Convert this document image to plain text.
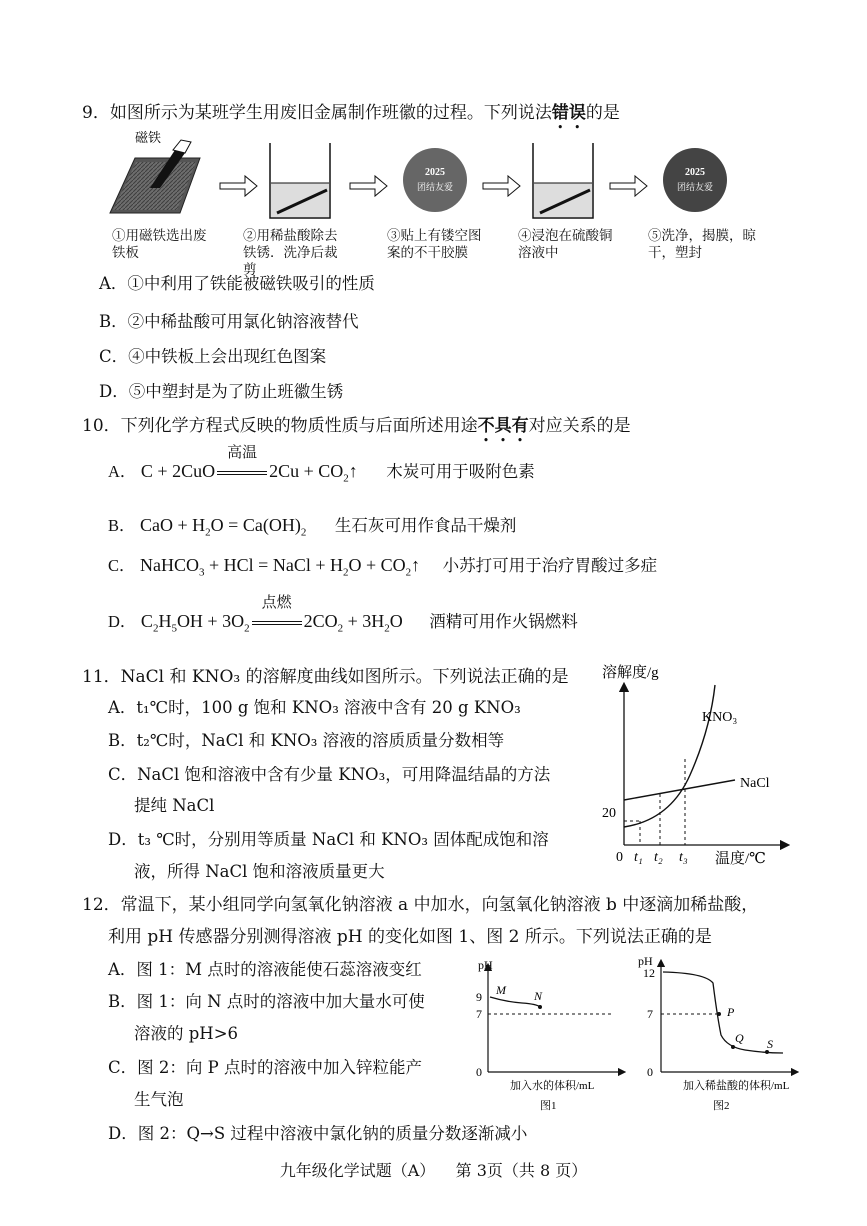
9．如图所示为某班学生用废旧金属制作班徽的过程。下列说法错误的是
磁铁
2025
团结友爱
2025
团结友爱
①用磁铁选出废铁板
②用稀盐酸除去铁锈．洗净后裁剪
③贴上有镂空图案的不干胶膜
④浸泡在硫酸铜溶液中
⑤洗净，揭膜，晾干，塑封
A．①中利用了铁能被磁铁吸引的性质
B．②中稀盐酸可用氯化钠溶液替代
C．④中铁板上会出现红色图案
D．⑤中塑封是为了防止班徽生锈
10．下列化学方程式反映的物质性质与后面所述用途不具有对应关系的是
A． C + 2CuO
高温
$2Cu + CO_2↑$ 木炭可用于吸附色素
B． CaO + $H_2O = Ca(OH)_2$ 生石灰可用作食品干燥剂
C． NaHCO$_3$ + HCl = NaCl + $H_2O$ + $CO_2↑$ 小苏打可用于治疗胃酸过多症
D． $C_2H_5OH + 3O_2$
点燃
$2CO_2 + 3H_2O$ 酒精可用作火锅燃料
11．NaCl 和 KNO₃ 的溶解度曲线如图所示。下列说法正确的是
A．t₁℃时，100 g 饱和 KNO₃ 溶液中含有 20 g KNO₃
B．t₂℃时，NaCl 和 KNO₃ 溶液的溶质质量分数相等
C．NaCl 饱和溶液中含有少量 KNO₃，可用降温结晶的方法
提纯 NaCl
D．t₃ ℃时，分别用等质量 NaCl 和 KNO₃ 固体配成饱和溶
液，所得 NaCl 饱和溶液质量更大
溶解度/g
KNO₃
NaCl
20
0 t₁ t₂ t₃ 温度/℃
12．常温下，某小组同学向氢氧化钠溶液 a 中加水，向氢氧化钠溶液 b 中逐滴加稀盐酸，
利用 pH 传感器分别测得溶液 pH 的变化如图 1、图 2 所示。下列说法正确的是
A．图 1：M 点时的溶液能使石蕊溶液变红
B．图 1：向 N 点时的溶液中加大量水可使
溶液的 pH>6
C．图 2：向 P 点时的溶液中加入锌粒能产
生气泡
D．图 2：Q→S 过程中溶液中氯化钠的质量分数逐渐减小
pH
9
7
0
M N
加入水的体积/mL
图1
pH
12
7
0
P
Q S
加入稀盐酸的体积/mL
图2
九年级化学试题（A）    第 3页（共 8 页）
